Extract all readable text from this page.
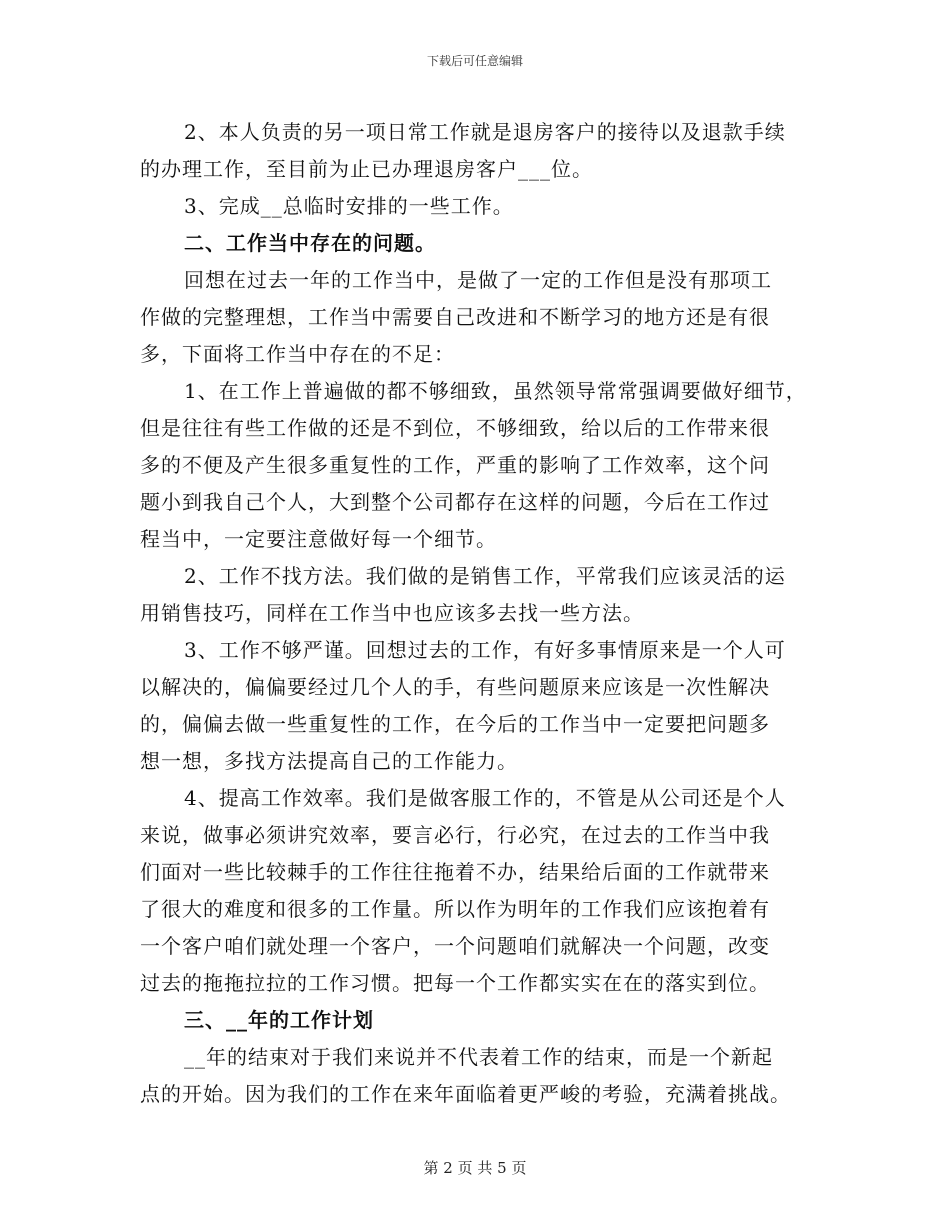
下载后可任意编辑
2、本人负责的另一项日常工作就是退房客户的接待以及退款手续
的办理工作，至目前为止已办理退房客户___位。
3、完成__总临时安排的一些工作。
二、工作当中存在的问题。
回想在过去一年的工作当中，是做了一定的工作但是没有那项工
作做的完整理想，工作当中需要自己改进和不断学习的地方还是有很
多，下面将工作当中存在的不足：
1、在工作上普遍做的都不够细致，虽然领导常常强调要做好细节，
但是往往有些工作做的还是不到位，不够细致，给以后的工作带来很
多的不便及产生很多重复性的工作，严重的影响了工作效率，这个问
题小到我自己个人，大到整个公司都存在这样的问题，今后在工作过
程当中，一定要注意做好每一个细节。
2、工作不找方法。我们做的是销售工作，平常我们应该灵活的运
用销售技巧，同样在工作当中也应该多去找一些方法。
3、工作不够严谨。回想过去的工作，有好多事情原来是一个人可
以解决的，偏偏要经过几个人的手，有些问题原来应该是一次性解决
的，偏偏去做一些重复性的工作，在今后的工作当中一定要把问题多
想一想，多找方法提高自己的工作能力。
4、提高工作效率。我们是做客服工作的，不管是从公司还是个人
来说，做事必须讲究效率，要言必行，行必究，在过去的工作当中我
们面对一些比较棘手的工作往往拖着不办，结果给后面的工作就带来
了很大的难度和很多的工作量。所以作为明年的工作我们应该抱着有
一个客户咱们就处理一个客户，一个问题咱们就解决一个问题，改变
过去的拖拖拉拉的工作习惯。把每一个工作都实实在在的落实到位。
三、__年的工作计划
__年的结束对于我们来说并不代表着工作的结束，而是一个新起
点的开始。因为我们的工作在来年面临着更严峻的考验，充满着挑战。
第 2 页 共 5 页
